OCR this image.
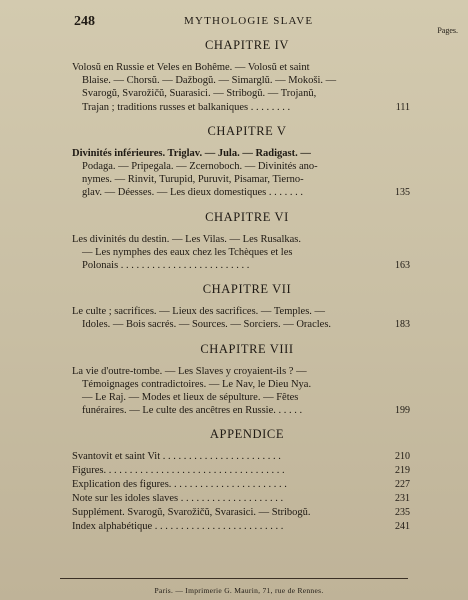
248	MYTHOLOGIE SLAVE
Pages.
CHAPITRE IV
Volosŭ en Russie et Veles en Bohême. — Volosŭ et saint
Blaise. — Chorsŭ. — Dažbogŭ. — Simarglŭ. — Mokoši. —
Svarogŭ, Svarožičŭ, Suarasici. — Stribogŭ. — Trojanŭ,
Trajan ; traditions russes et balkaniques . . . . . . . .	111
CHAPITRE V
Divinités inférieures. Triglav. — Jula. — Radigast. —
Podaga. — Pripegala. — Zcernoboch. — Divinités ano-
nymes. — Rinvit, Turupid, Puruvit, Pisamar, Tierno-
glav. — Déesses. — Les dieux domestiques . . . . . . .	135
CHAPITRE VI
Les divinités du destin. — Les Vilas. — Les Rusalkas.
— Les nymphes des eaux chez les Tchèques et les
Polonais . . . . . . . . . . . . . . . . . . . . . . . . .	163
CHAPITRE VII
Le culte ; sacrifices. — Lieux des sacrifices. — Temples. —
Idoles. — Bois sacrés. — Sources. — Sorciers. — Oracles.	183
CHAPITRE VIII
La vie d'outre-tombe. — Les Slaves y croyaient-ils ? —
Témoignages contradictoires. — Le Nav, le Dieu Nya.
— Le Raj. — Modes et lieux de sépulture. — Fêtes
funéraires. — Le culte des ancêtres en Russie. . . . . .	199
APPENDICE
Svantovit et saint Vit . . . . . . . . . . . . . . . . . . . . . . .	210
Figures. . . . . . . . . . . . . . . . . . . . . . . . . . . . . . . . . . .	219
Explication des figures. . . . . . . . . . . . . . . . . . . . . . .	227
Note sur les idoles slaves . . . . . . . . . . . . . . . . . . . .	231
Supplément. Svarogŭ, Svarožičŭ, Svarasici. — Stribogŭ.	235
Index alphabétique . . . . . . . . . . . . . . . . . . . . . . . . .	241
Paris. — Imprimerie G. Maurin, 71, rue de Rennes.
